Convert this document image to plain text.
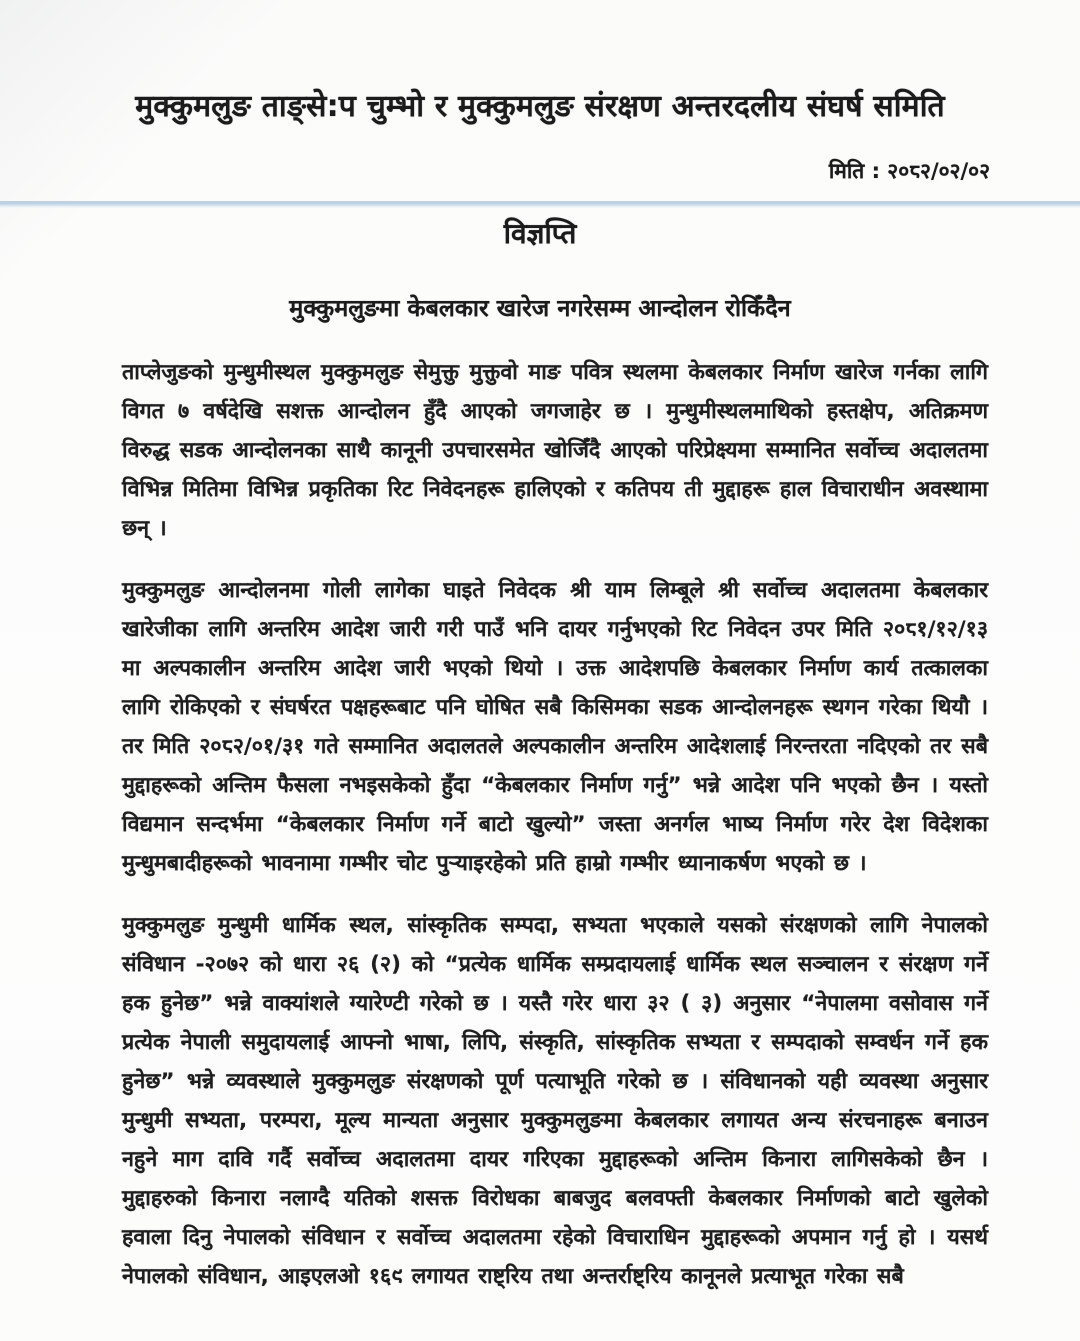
मुक्कुमलुङ ताङ्से:प चुम्भो र मुक्कुमलुङ संरक्षण अन्तरदलीय संघर्ष समिति
मिति : २०८२/०२/०२
विज्ञप्ति
मुक्कुमलुङमा केबलकार खारेज नगरेसम्म आन्दोलन रोकिँदैन

ताप्लेजुङको मुन्धुमीस्थल मुक्कुमलुङ सेमुक्तु मुक्तुवो माङ पवित्र स्थलमा केबलकार निर्माण खारेज गर्नका लागि विगत ७ वर्षदेखि सशक्त आन्दोलन हुँदै आएको जगजाहेर छ । मुन्धुमीस्थलमाथिको हस्तक्षेप, अतिक्रमण विरुद्ध सडक आन्दोलनका साथै कानूनी उपचारसमेत खोजिँदै आएको परिप्रेक्ष्यमा सम्मानित सर्वोच्च अदालतमा विभिन्न मितिमा विभिन्न प्रकृतिका रिट निवेदनहरू हालिएको र कतिपय ती मुद्दाहरू हाल विचाराधीन अवस्थामा छन् ।

मुक्कुमलुङ आन्दोलनमा गोली लागेका घाइते निवेदक श्री याम लिम्बूले श्री सर्वोच्च अदालतमा केबलकार खारेजीका लागि अन्तरिम आदेश जारी गरी पाउँ भनि दायर गर्नुभएको रिट निवेदन उपर मिति २०८१/१२/१३ मा अल्पकालीन अन्तरिम आदेश जारी भएको थियो । उक्त आदेशपछि केबलकार निर्माण कार्य तत्कालका लागि रोकिएको र संघर्षरत पक्षहरूबाट पनि घोषित सबै किसिमका सडक आन्दोलनहरू स्थगन गरेका थियौ । तर मिति २०८२/०१/३१ गते सम्मानित अदालतले अल्पकालीन अन्तरिम आदेशलाई निरन्तरता नदिएको तर सबै मुद्दाहरूको अन्तिम फैसला नभइसकेको हुँदा “केबलकार निर्माण गर्नु” भन्ने आदेश पनि भएको छैन । यस्तो विद्यमान सन्दर्भमा “केबलकार निर्माण गर्ने बाटो खुल्यो” जस्ता अनर्गल भाष्य निर्माण गरेर देश विदेशका मुन्धुमबादीहरूको भावनामा गम्भीर चोट पुऱ्याइरहेको प्रति हाम्रो गम्भीर ध्यानाकर्षण भएको छ ।

मुक्कुमलुङ मुन्धुमी धार्मिक स्थल, सांस्कृतिक सम्पदा, सभ्यता भएकाले यसको संरक्षणको लागि नेपालको संविधान -२०७२ को धारा २६ (२) को “प्रत्येक धार्मिक सम्प्रदायलाई धार्मिक स्थल सञ्चालन र संरक्षण गर्ने हक हुनेछ” भन्ने वाक्यांशले ग्यारेण्टी गरेको छ । यस्तै गरेर धारा ३२ ( ३) अनुसार “नेपालमा वसोवास गर्ने प्रत्येक नेपाली समुदायलाई आफ्नो भाषा, लिपि, संस्कृति, सांस्कृतिक सभ्यता र सम्पदाको सम्वर्धन गर्ने हक हुनेछ” भन्ने व्यवस्थाले मुक्कुमलुङ संरक्षणको पूर्ण पत्याभूति गरेको छ । संविधानको यही व्यवस्था अनुसार मुन्धुमी सभ्यता, परम्परा, मूल्य मान्यता अनुसार मुक्कुमलुङमा केबलकार लगायत अन्य संरचनाहरू बनाउन नहुने माग दावि गर्दै सर्वोच्च अदालतमा दायर गरिएका मुद्दाहरूको अन्तिम किनारा लागिसकेको छैन । मुद्दाहरुको किनारा नलाग्दै यतिको शसक्त विरोधका बाबजुद बलवफ्ती केबलकार निर्माणको बाटो खुलेको हवाला दिनु नेपालको संविधान र सर्वोच्च अदालतमा रहेको विचाराधिन मुद्दाहरूको अपमान गर्नु हो । यसर्थ नेपालको संविधान, आइएलओ १६९ लगायत राष्ट्रिय तथा अन्तर्राष्ट्रिय कानूनले प्रत्याभूत गरेका सबै
